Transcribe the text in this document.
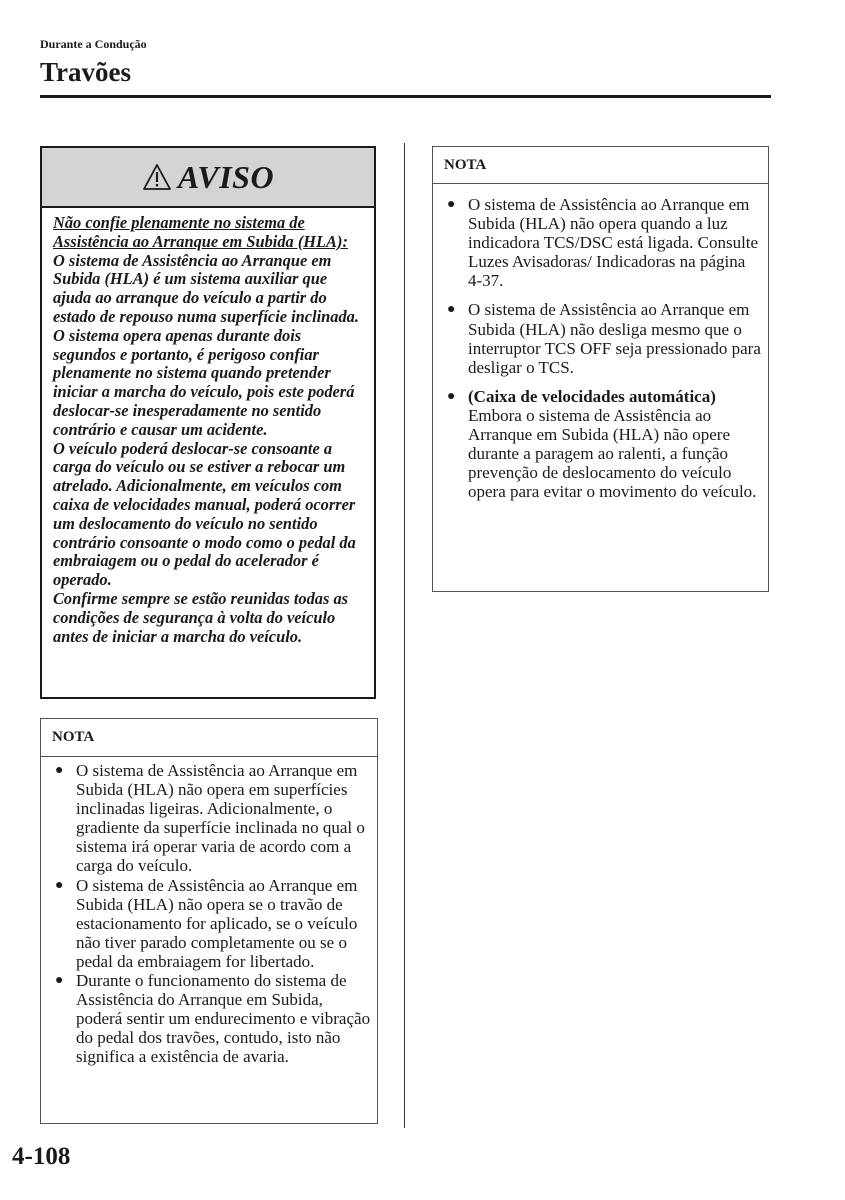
Durante a Condução
Travões
AVISO

Não confie plenamente no sistema de Assistência ao Arranque em Subida (HLA):

O sistema de Assistência ao Arranque em Subida (HLA) é um sistema auxiliar que ajuda ao arranque do veículo a partir do estado de repouso numa superfície inclinada. O sistema opera apenas durante dois segundos e portanto, é perigoso confiar plenamente no sistema quando pretender iniciar a marcha do veículo, pois este poderá deslocar-se inesperadamente no sentido contrário e causar um acidente.

O veículo poderá deslocar-se consoante a carga do veículo ou se estiver a rebocar um atrelado. Adicionalmente, em veículos com caixa de velocidades manual, poderá ocorrer um deslocamento do veículo no sentido contrário consoante o modo como o pedal da embraiagem ou o pedal do acelerador é operado.

Confirme sempre se estão reunidas todas as condições de segurança à volta do veículo antes de iniciar a marcha do veículo.

NOTA
● O sistema de Assistência ao Arranque em Subida (HLA) não opera em superfícies inclinadas ligeiras. Adicionalmente, o gradiente da superfície inclinada no qual o sistema irá operar varia de acordo com a carga do veículo.
● O sistema de Assistência ao Arranque em Subida (HLA) não opera se o travão de estacionamento for aplicado, se o veículo não tiver parado completamente ou se o pedal da embraiagem for libertado.
● Durante o funcionamento do sistema de Assistência do Arranque em Subida, poderá sentir um endurecimento e vibração do pedal dos travões, contudo, isto não significa a existência de avaria.
NOTA
● O sistema de Assistência ao Arranque em Subida (HLA) não opera quando a luz indicadora TCS/DSC está ligada. Consulte Luzes Avisadoras/ Indicadoras na página 4-37.
● O sistema de Assistência ao Arranque em Subida (HLA) não desliga mesmo que o interruptor TCS OFF seja pressionado para desligar o TCS.
● (Caixa de velocidades automática)
Embora o sistema de Assistência ao Arranque em Subida (HLA) não opere durante a paragem ao ralenti, a função prevenção de deslocamento do veículo opera para evitar o movimento do veículo.
4-108
